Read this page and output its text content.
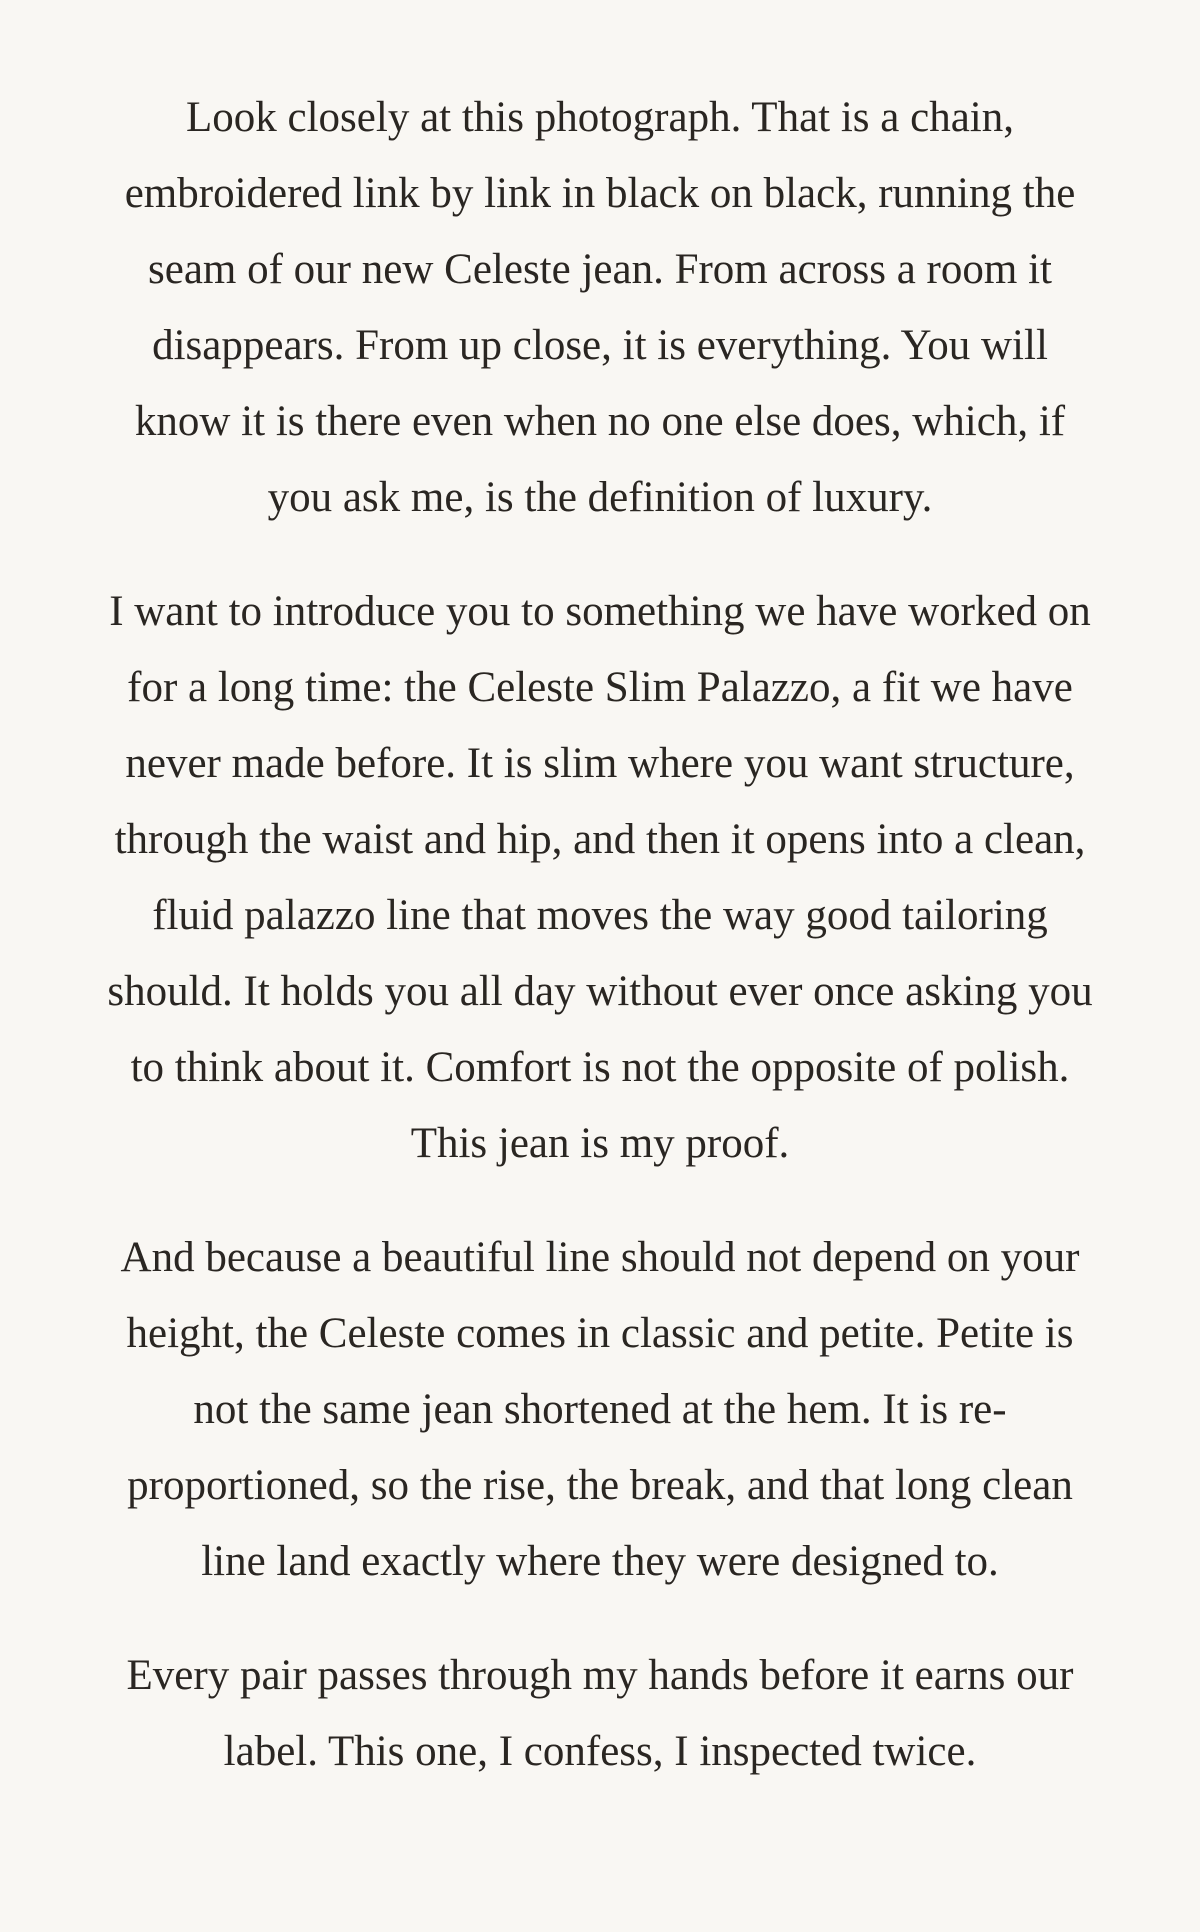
Look closely at this photograph. That is a chain, embroidered link by link in black on black, running the seam of our new Celeste jean. From across a room it disappears. From up close, it is everything. You will know it is there even when no one else does, which, if you ask me, is the definition of luxury.

I want to introduce you to something we have worked on for a long time: the Celeste Slim Palazzo, a fit we have never made before. It is slim where you want structure, through the waist and hip, and then it opens into a clean, fluid palazzo line that moves the way good tailoring should. It holds you all day without ever once asking you to think about it. Comfort is not the opposite of polish. This jean is my proof.

And because a beautiful line should not depend on your height, the Celeste comes in classic and petite. Petite is not the same jean shortened at the hem. It is re-proportioned, so the rise, the break, and that long clean line land exactly where they were designed to.

Every pair passes through my hands before it earns our label. This one, I confess, I inspected twice.
